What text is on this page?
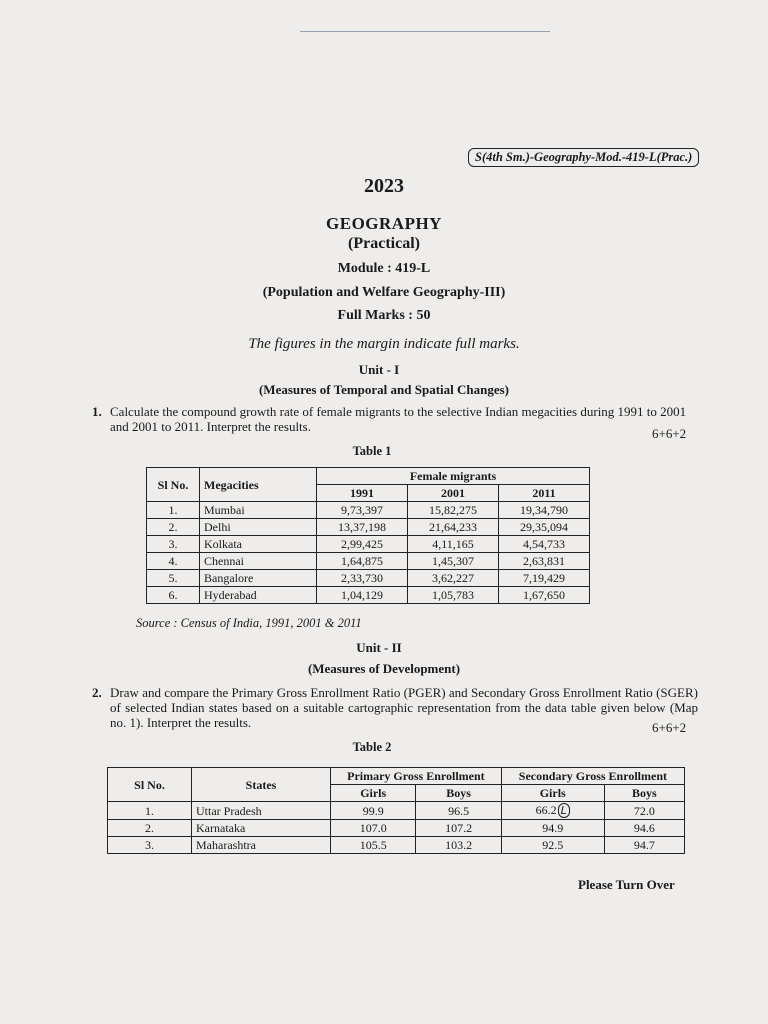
S(4th Sm.)-Geography-Mod.-419-L(Prac.)
2023
GEOGRAPHY
(Practical)
Module : 419-L
(Population and Welfare Geography-III)
Full Marks : 50
The figures in the margin indicate full marks.
Unit - I
(Measures of Temporal and Spatial Changes)
1. Calculate the compound growth rate of female migrants to the selective Indian megacities during 1991 to 2001 and 2001 to 2011. Interpret the results.	6+6+2
Table 1
Sl No.	Megacities	Female migrants		
		1991	2001	2011
1.	Mumbai	9,73,397	15,82,275	19,34,790
2.	Delhi	13,37,198	21,64,233	29,35,094
3.	Kolkata	2,99,425	4,11,165	4,54,733
4.	Chennai	1,64,875	1,45,307	2,63,831
5.	Bangalore	2,33,730	3,62,227	7,19,429
6.	Hyderabad	1,04,129	1,05,783	1,67,650
Source : Census of India, 1991, 2001 & 2011
Unit - II
(Measures of Development)
2. Draw and compare the Primary Gross Enrollment Ratio (PGER) and Secondary Gross Enrollment Ratio (SGER) of selected Indian states based on a suitable cartographic representation from the data table given below (Map no. 1). Interpret the results.	6+6+2
Table 2
Sl No.	States	Primary Gross Enrollment		Secondary Gross Enrollment	
		Girls	Boys	Girls	Boys
1.	Uttar Pradesh	99.9	96.5	66.2 L	72.0
2.	Karnataka	107.0	107.2	94.9	94.6
3.	Maharashtra	105.5	103.2	92.5	94.7
Please Turn Over
